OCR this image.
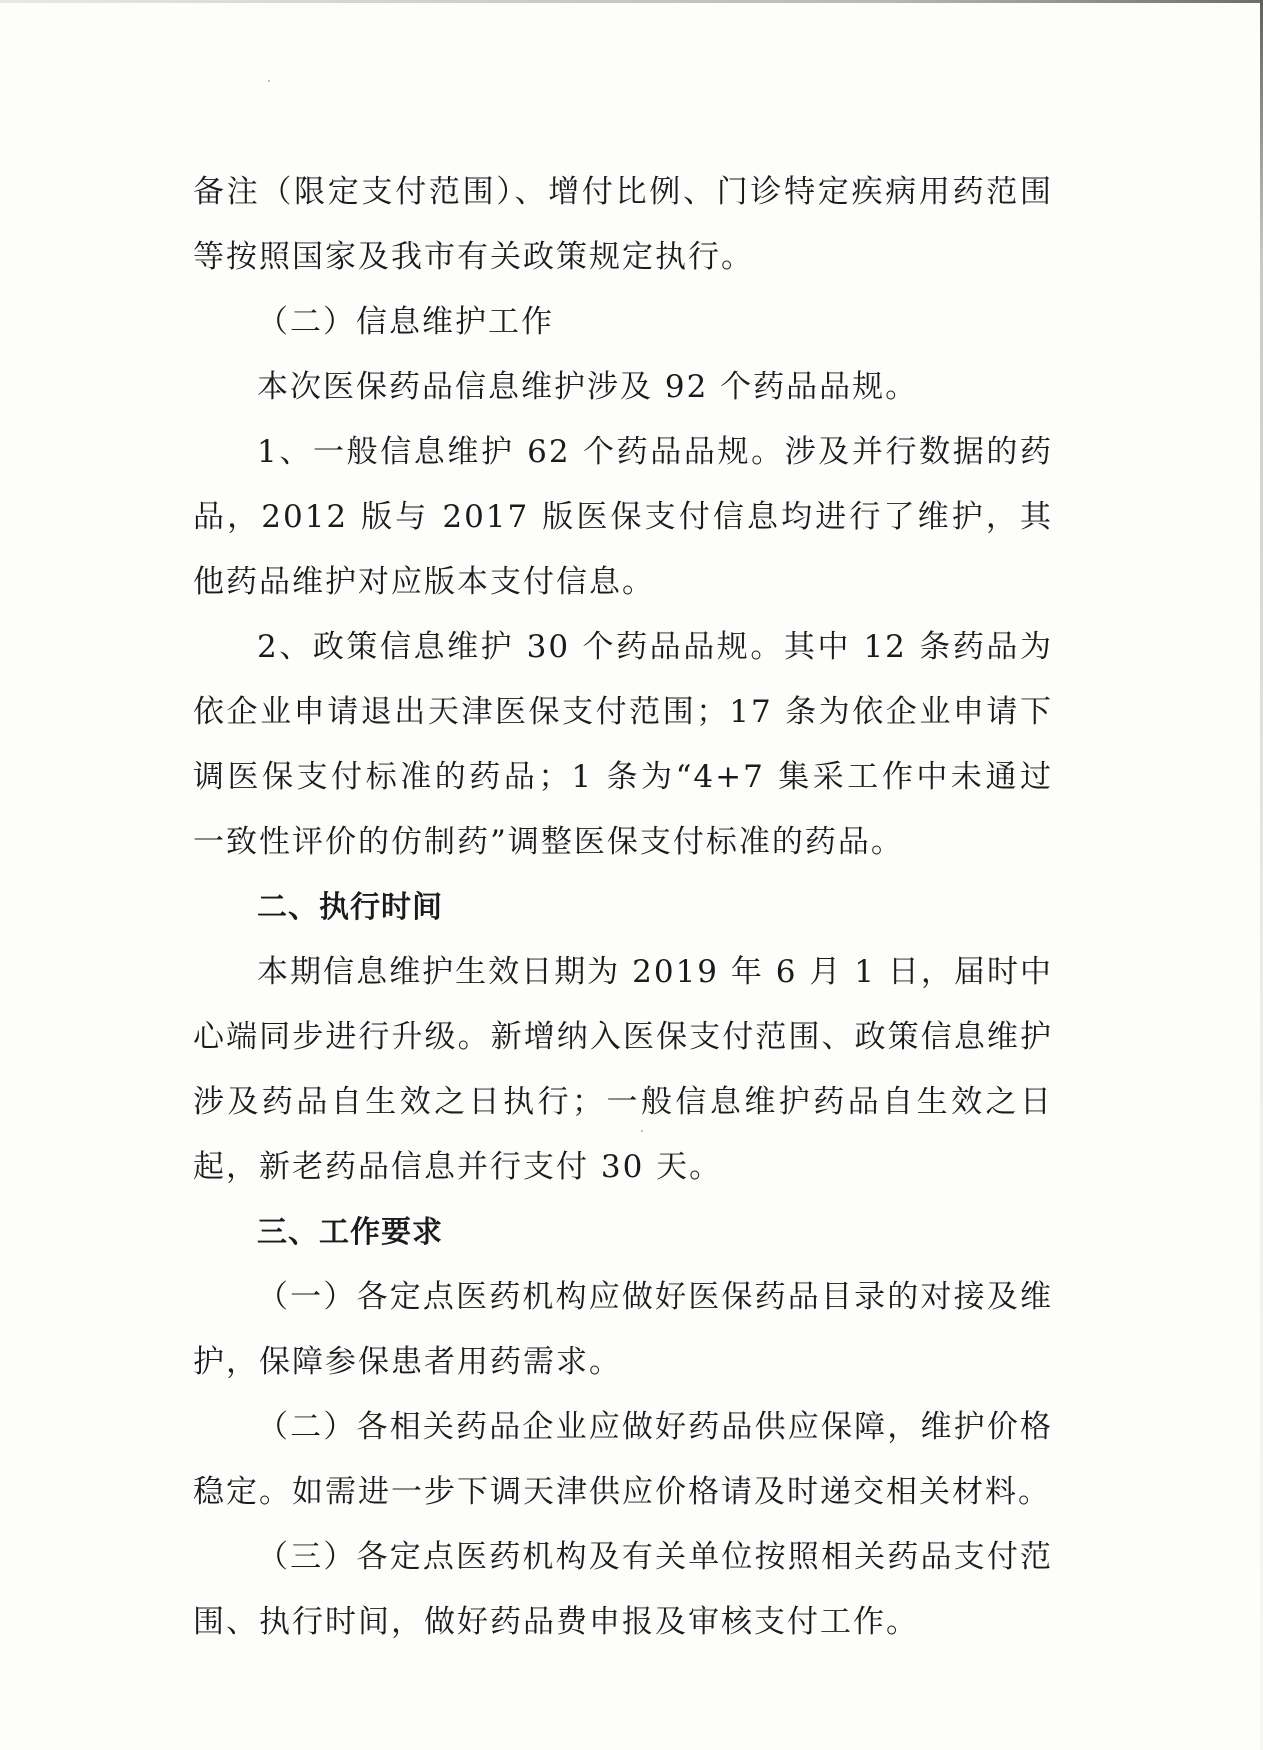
备注（限定支付范围）、增付比例、门诊特定疾病用药范围等按照国家及我市有关政策规定执行。

（二）信息维护工作

本次医保药品信息维护涉及 92 个药品品规。

1、一般信息维护 62 个药品品规。涉及并行数据的药品，2012 版与 2017 版医保支付信息均进行了维护，其他药品维护对应版本支付信息。

2、政策信息维护 30 个药品品规。其中 12 条药品为依企业申请退出天津医保支付范围；17 条为依企业申请下调医保支付标准的药品；1 条为“4+7 集采工作中未通过一致性评价的仿制药”调整医保支付标准的药品。

二、执行时间

本期信息维护生效日期为 2019 年 6 月 1 日，届时中心端同步进行升级。新增纳入医保支付范围、政策信息维护涉及药品自生效之日执行；一般信息维护药品自生效之日起，新老药品信息并行支付 30 天。

三、工作要求

（一）各定点医药机构应做好医保药品目录的对接及维护，保障参保患者用药需求。

（二）各相关药品企业应做好药品供应保障，维护价格稳定。如需进一步下调天津供应价格请及时递交相关材料。

（三）各定点医药机构及有关单位按照相关药品支付范围、执行时间，做好药品费申报及审核支付工作。
